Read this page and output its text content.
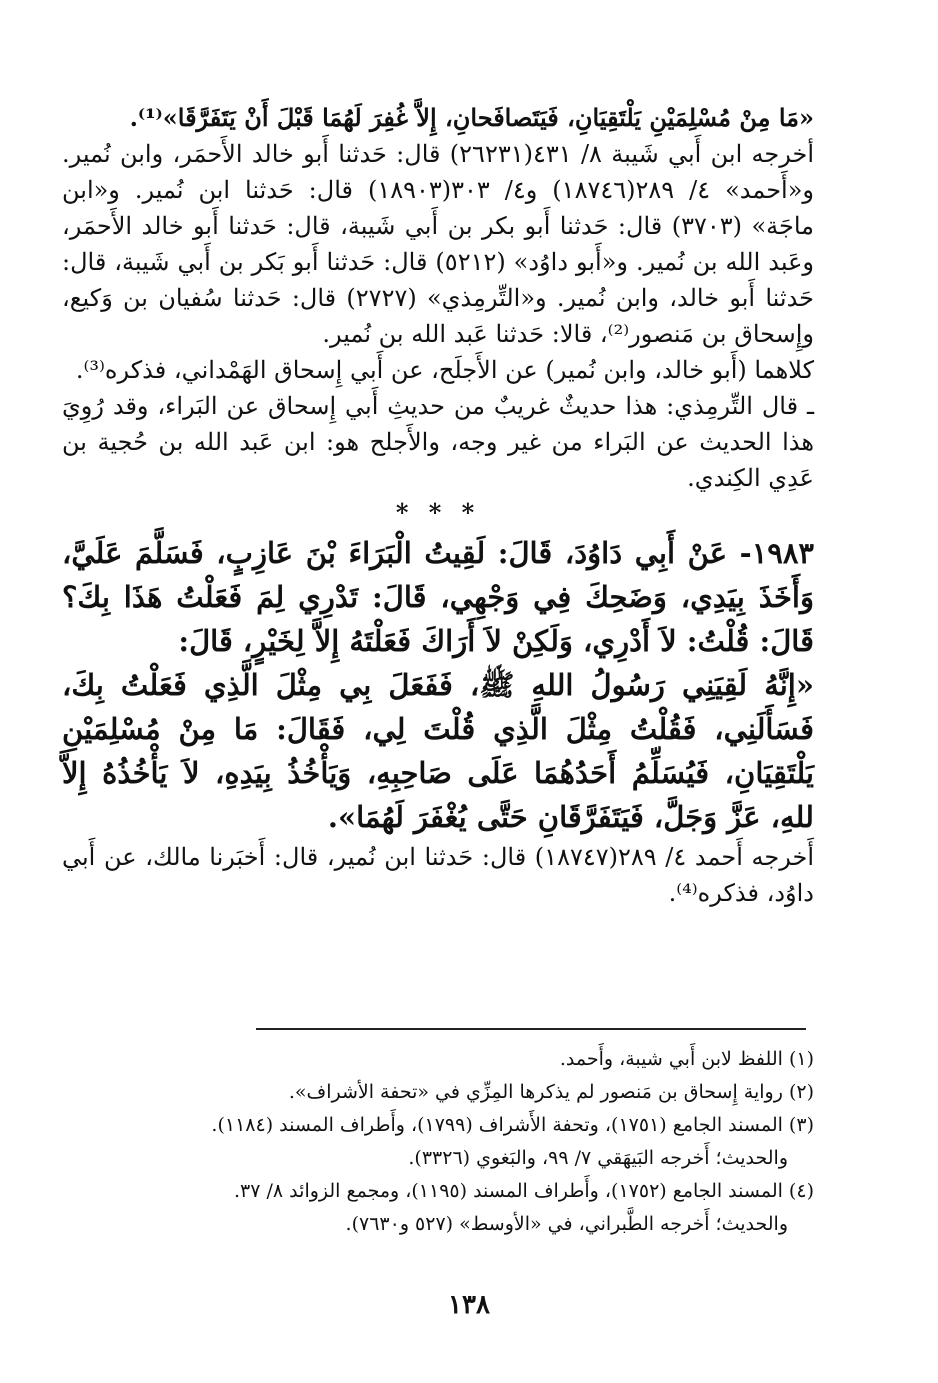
«مَا مِنْ مُسْلِمَيْنِ يَلْتَقِيَانِ، فَيَتَصافَحانِ، إِلاَّ غُفِرَ لَهُمَا قَبْلَ أَنْ يَتَفَرَّقَا»⁽¹⁾.

أخرجه ابن أَبي شَيبة ٨/ ٤٣١(٢٦٢٣١) قال: حَدثنا أَبو خالد الأَحمَر، وابن نُمير. و«أَحمد» ٤/ ٢٨٩(١٨٧٤٦) و٤/ ٣٠٣(١٨٩٠٣) قال: حَدثنا ابن نُمير. و«ابن ماجَة» (٣٧٠٣) قال: حَدثنا أَبو بكر بن أَبي شَيبة، قال: حَدثنا أَبو خالد الأَحمَر، وعَبد الله بن نُمير. و«أَبو داوُد» (٥٢١٢) قال: حَدثنا أَبو بَكر بن أَبي شَيبة، قال: حَدثنا أَبو خالد، وابن نُمير. و«التِّرمِذي» (٢٧٢٧) قال: حَدثنا سُفيان بن وَكيع، وإِسحاق بن مَنصور⁽²⁾، قالا: حَدثنا عَبد الله بن نُمير.

كلاهما (أَبو خالد، وابن نُمير) عن الأَجلَح، عن أَبي إِسحاق الهَمْداني، فذكره⁽³⁾.

ـ قال التِّرمِذي: هذا حديثٌ غريبٌ من حديثِ أَبي إِسحاق عن البَراء، وقد رُوِيَ هذا الحديث عن البَراء من غير وجه، والأَجلح هو: ابن عَبد الله بن حُجية بن عَدِي الكِندي.

* * *

١٩٨٣- عَنْ أَبِي دَاوُدَ، قَالَ: لَقِيتُ الْبَرَاءَ بْنَ عَازِبٍ، فَسَلَّمَ عَلَيَّ، وَأَخَذَ بِيَدِي، وَضَحِكَ فِي وَجْهِي، قَالَ: تَدْرِي لِمَ فَعَلْتُ هَذَا بِكَ؟ قَالَ: قُلْتُ: لاَ أَدْرِي، وَلَكِنْ لاَ أَرَاكَ فَعَلْتَهُ إِلاَّ لِخَيْرٍ، قَالَ:

«إِنَّهُ لَقِيَنِي رَسُولُ اللهِ ﷺ، فَفَعَلَ بِي مِثْلَ الَّذِي فَعَلْتُ بِكَ، فَسَأَلَنِي، فَقُلْتُ مِثْلَ الَّذِي قُلْتَ لِي، فَقَالَ: مَا مِنْ مُسْلِمَيْنِ يَلْتَقِيَانِ، فَيُسَلِّمُ أَحَدُهُمَا عَلَى صَاحِبِهِ، وَيَأْخُذُ بِيَدِهِ، لاَ يَأْخُذُهُ إِلاَّ للهِ، عَزَّ وَجَلَّ، فَيَتَفَرَّقَانِ حَتَّى يُغْفَرَ لَهُمَا».

أَخرجه أَحمد ٤/ ٢٨٩(١٨٧٤٧) قال: حَدثنا ابن نُمير، قال: أَخبَرنا مالك، عن أَبي داوُد، فذكره⁽⁴⁾.

(١) اللفظ لابن أَبي شيبة، وأَحمد.

(٢) رواية إِسحاق بن مَنصور لم يذكرها المِزِّي في «تحفة الأشراف».

(٣) المسند الجامع (١٧٥١)، وتحفة الأَشراف (١٧٩٩)، وأَطراف المسند (١١٨٤).

والحديث؛ أَخرجه البَيهَقي ٧/ ٩٩، والبَغوي (٣٣٢٦).

(٤) المسند الجامع (١٧٥٢)، وأَطراف المسند (١١٩٥)، ومجمع الزوائد ٨/ ٣٧.

والحديث؛ أَخرجه الطَّبراني، في «الأوسط» (٥٢٧ و٧٦٣٠).

١٣٨
